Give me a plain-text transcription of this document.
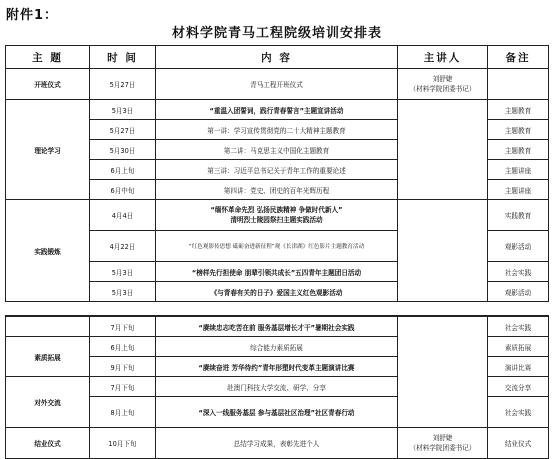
附件1：
材料学院青马工程院级培训安排表
主 题	时 间	内 容	主讲人	备注
开班仪式	5月27日	青马工程开班仪式	刘舒婕
（材料学院团委书记）	
理论学习	5月3日	“重温入团誓词，践行青春誓言”主题宣讲活动		主题教育
	5月27日	第一讲：学习宣传贯彻党的二十大精神主题教育		主题教育
	5月30日	第二讲：马克思主义中国化主题教育		主题教育
	6月上旬	第三讲：习近平总书记关于青年工作的重要论述		主题讲座
	6月中旬	第四讲：党史、团史的百年光辉历程		主题讲座
实践锻炼	4月4日	“缅怀革命先烈 弘扬民族精神 争做时代新人”
清明烈士陵园祭扫主题实践活动		实践教育
	4月22日	“红色观影传思想 砥砺奋进新征程”观《长津湖》红色影片主题教育活动		观影活动
	5月3日	“榜样先行担使命 朋辈引领共成长”五四青年主题团日活动		社会实践
	5月3日	《与青春有关的日子》爱国主义红色观影活动		观影活动
	7月下旬	“赓续忠志吃苦在前 服务基层增长才干”暑期社会实践		社会实践
素质拓展	6月上旬	综合能力素质拓展		素质拓展
	9月下旬	“赓续奋进 芳华待约”青年形塑时代变革主题演讲比赛		演讲比赛
对外交流	7月下旬	赴澳门科技大学交流、研学、分享		交流分享
	8月上旬	“深入一线服务基层 参与基层社区治理”社区青春行动		社会实践
结业仪式	10月下旬	总结学习成果，表彰先进个人	刘舒婕
（材料学院团委书记）	结业仪式
